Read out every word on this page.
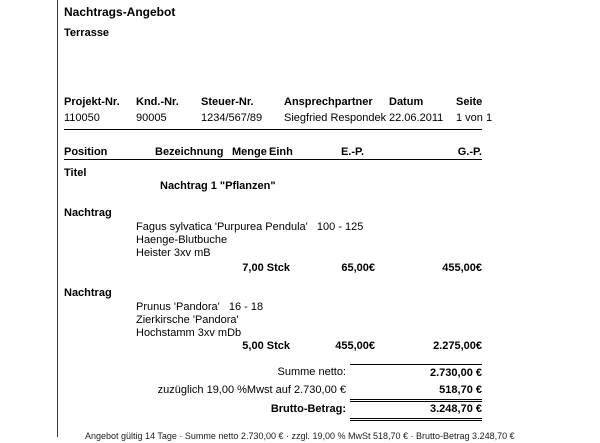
Nachtrags-Angebot
Terrasse
Projekt-Nr. Knd.-Nr. Steuer-Nr.	Ansprechpartner Datum	Seite
110050	90005	1234/567/89 Siegfried Respondek 22.06.2011 1 von 1
Position	Bezeichnung Menge Einh	E.-P.	G.-P.
Titel
Nachtrag 1 "Pflanzen"
Nachtrag
Fagus sylvatica 'Purpurea Pendula'   100 - 125
Haenge-Blutbuche
Heister 3xv mB
7,00 Stck	65,00€	455,00€
Nachtrag
Prunus 'Pandora'   16 - 18
Zierkirsche 'Pandora'
Hochstamm 3xv mDb
5,00 Stck	455,00€	2.275,00€
Summe netto:	2.730,00 €
zuzüglich 19,00 %Mwst auf 2.730,00 €	518,70 €
Brutto-Betrag:	3.248,70 €
Angebot gültig 14 Tage · Summe netto 2.730,00 € · zzgl. 19,00 % MwSt 518,70 € · Brutto-Betrag 3.248,70 €
